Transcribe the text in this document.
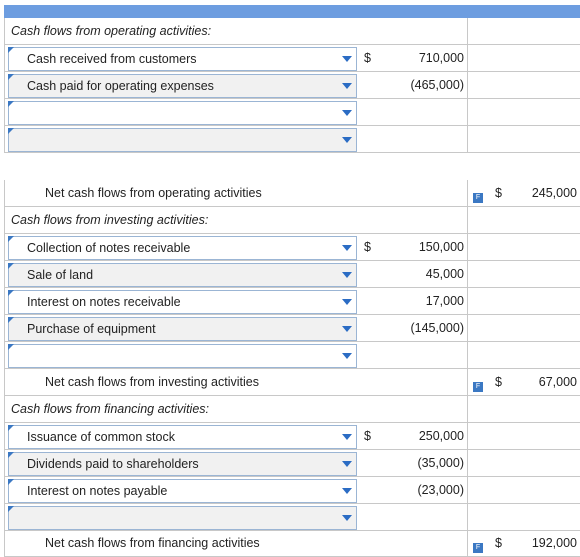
Cash flows from operating activities:
Cash received from customers	$	710,000
Cash paid for operating expenses	(465,000)
Net cash flows from operating activities	F $ 245,000
Cash flows from investing activities:
Collection of notes receivable	$	150,000
Sale of land	45,000
Interest on notes receivable	17,000
Purchase of equipment	(145,000)
Net cash flows from investing activities	F $	67,000
Cash flows from financing activities:
Issuance of common stock	$	250,000
Dividends paid to shareholders	(35,000)
Interest on notes payable	(23,000)
Net cash flows from financing activities	F $ 192,000
